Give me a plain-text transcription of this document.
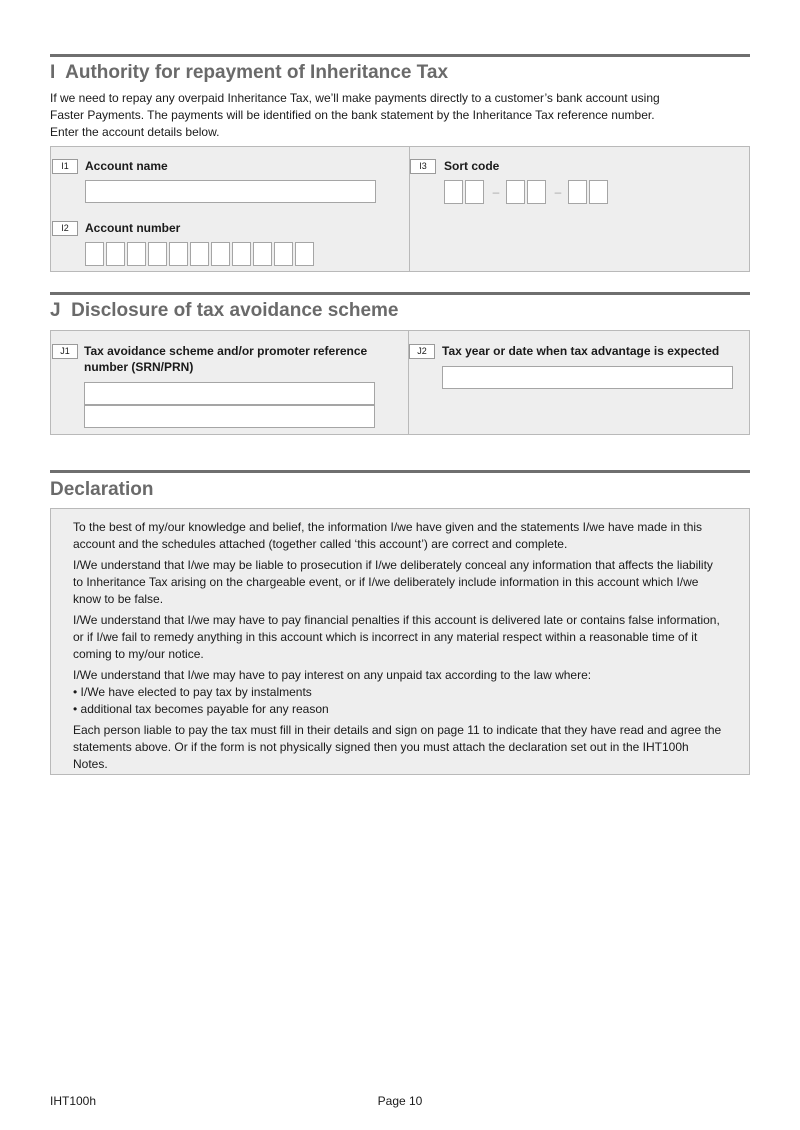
I Authority for repayment of Inheritance Tax
If we need to repay any overpaid Inheritance Tax, we’ll make payments directly to a customer’s bank account using
Faster Payments. The payments will be identified on the bank statement by the Inheritance Tax reference number.
Enter the account details below.
I1	Account name
I2	Account number
I3	Sort code
–	–
J Disclosure of tax avoidance scheme
J1	Tax avoidance scheme and/or promoter reference
number (SRN/PRN)
J2	Tax year or date when tax advantage is expected
Declaration

To the best of my/our knowledge and belief, the information I/we have given and the statements I/we have made in this account and the schedules attached (together called ‘this account’) are correct and complete.

I/We understand that I/we may be liable to prosecution if I/we deliberately conceal any information that affects the liability to Inheritance Tax arising on the chargeable event, or if I/we deliberately include information in this account which I/we know to be false.

I/We understand that I/we may have to pay financial penalties if this account is delivered late or contains false information, or if I/we fail to remedy anything in this account which is incorrect in any material respect within a reasonable time of it coming to my/our notice.

I/We understand that I/we may have to pay interest on any unpaid tax according to the law where:

• I/We have elected to pay tax by instalments
• additional tax becomes payable for any reason

Each person liable to pay the tax must fill in their details and sign on page 11 to indicate that they have read and agree the statements above. Or if the form is not physically signed then you must attach the declaration set out in the IHT100h Notes.

IHT100h	Page 10
